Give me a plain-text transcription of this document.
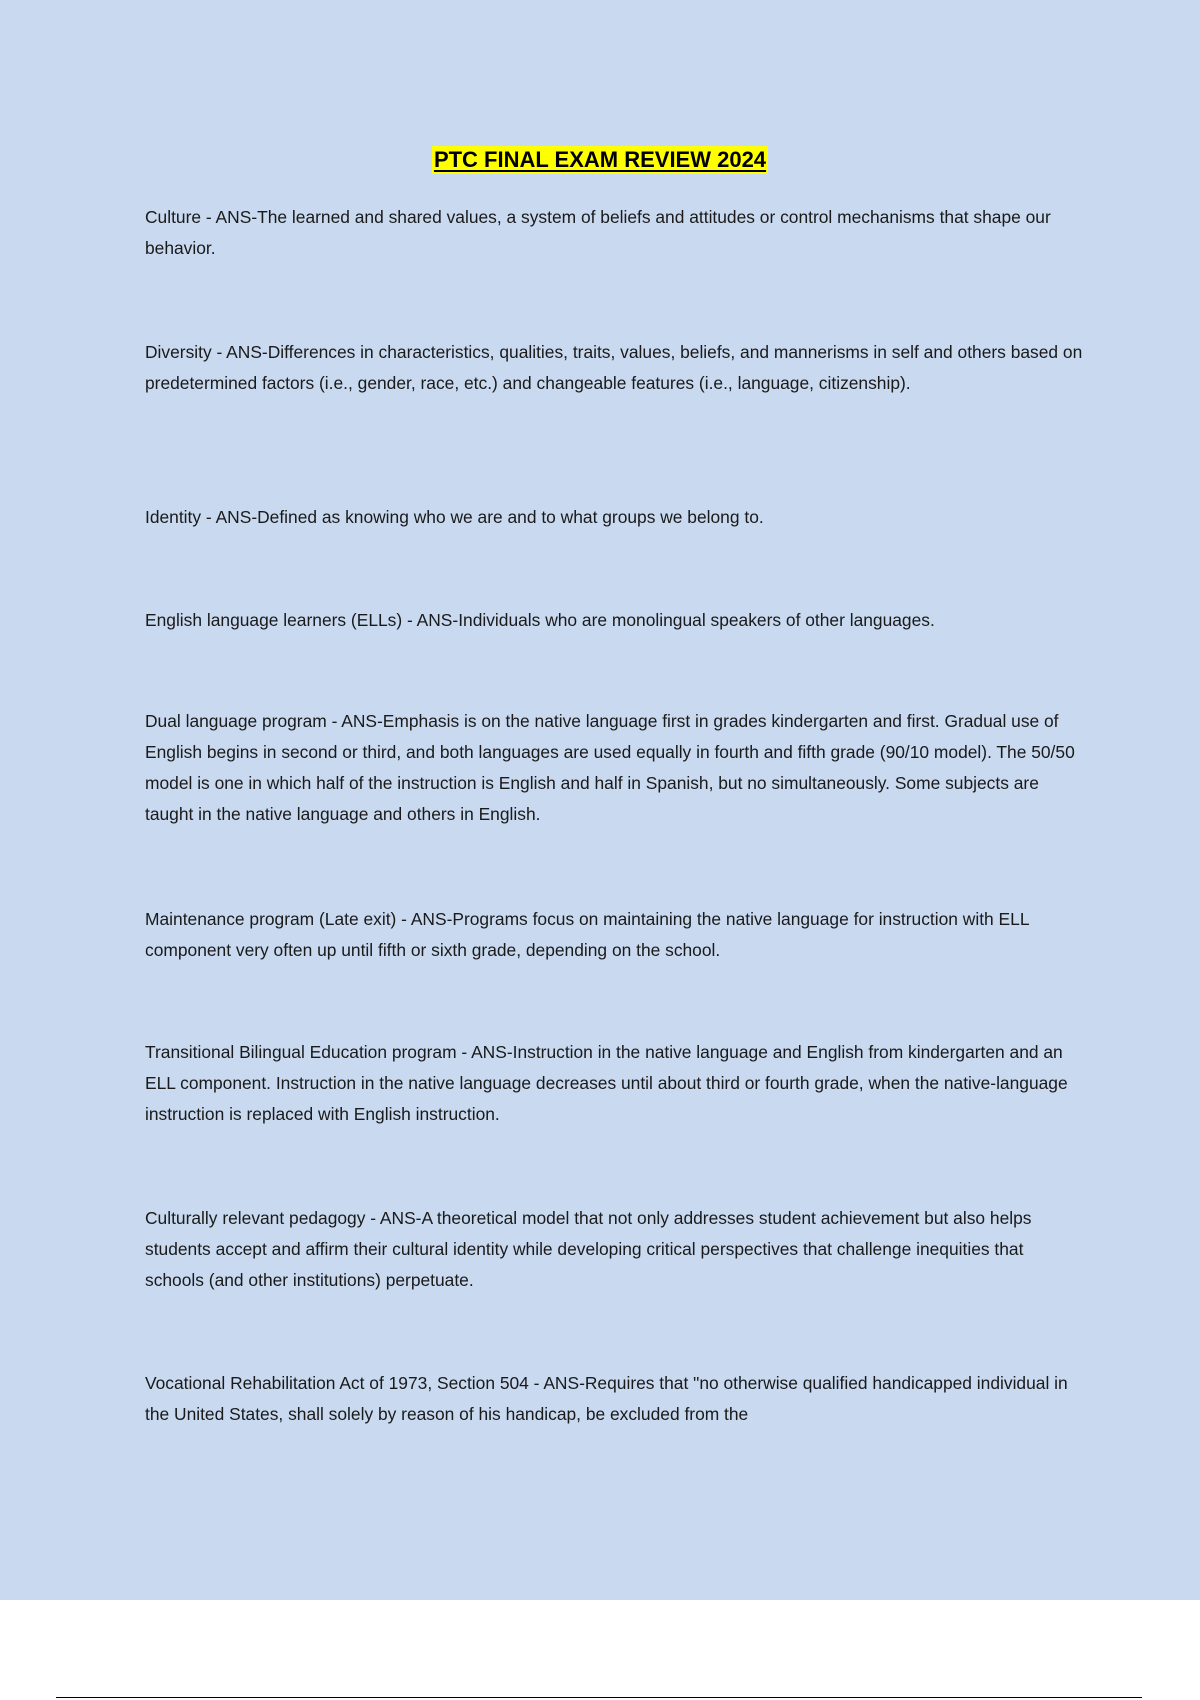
PTC FINAL EXAM REVIEW 2024

Culture - ANS-The learned and shared values, a system of beliefs and attitudes or control mechanisms that shape our behavior.

Diversity - ANS-Differences in characteristics, qualities, traits, values, beliefs, and mannerisms in self and others based on predetermined factors (i.e., gender, race, etc.) and changeable features (i.e., language, citizenship).

Identity - ANS-Defined as knowing who we are and to what groups we belong to.

English language learners (ELLs) - ANS-Individuals who are monolingual speakers of other languages.

Dual language program - ANS-Emphasis is on the native language first in grades kindergarten and first. Gradual use of English begins in second or third, and both languages are used equally in fourth and fifth grade (90/10 model). The 50/50 model is one in which half of the instruction is English and half in Spanish, but no simultaneously. Some subjects are taught in the native language and others in English.

Maintenance program (Late exit) - ANS-Programs focus on maintaining the native language for instruction with ELL component very often up until fifth or sixth grade, depending on the school.

Transitional Bilingual Education program - ANS-Instruction in the native language and English from kindergarten and an ELL component. Instruction in the native language decreases until about third or fourth grade, when the native-language instruction is replaced with English instruction.

Culturally relevant pedagogy - ANS-A theoretical model that not only addresses student achievement but also helps students accept and affirm their cultural identity while developing critical perspectives that challenge inequities that schools (and other institutions) perpetuate.

Vocational Rehabilitation Act of 1973, Section 504 - ANS-Requires that "no otherwise qualified handicapped individual in the United States, shall solely by reason of his handicap, be excluded from the
